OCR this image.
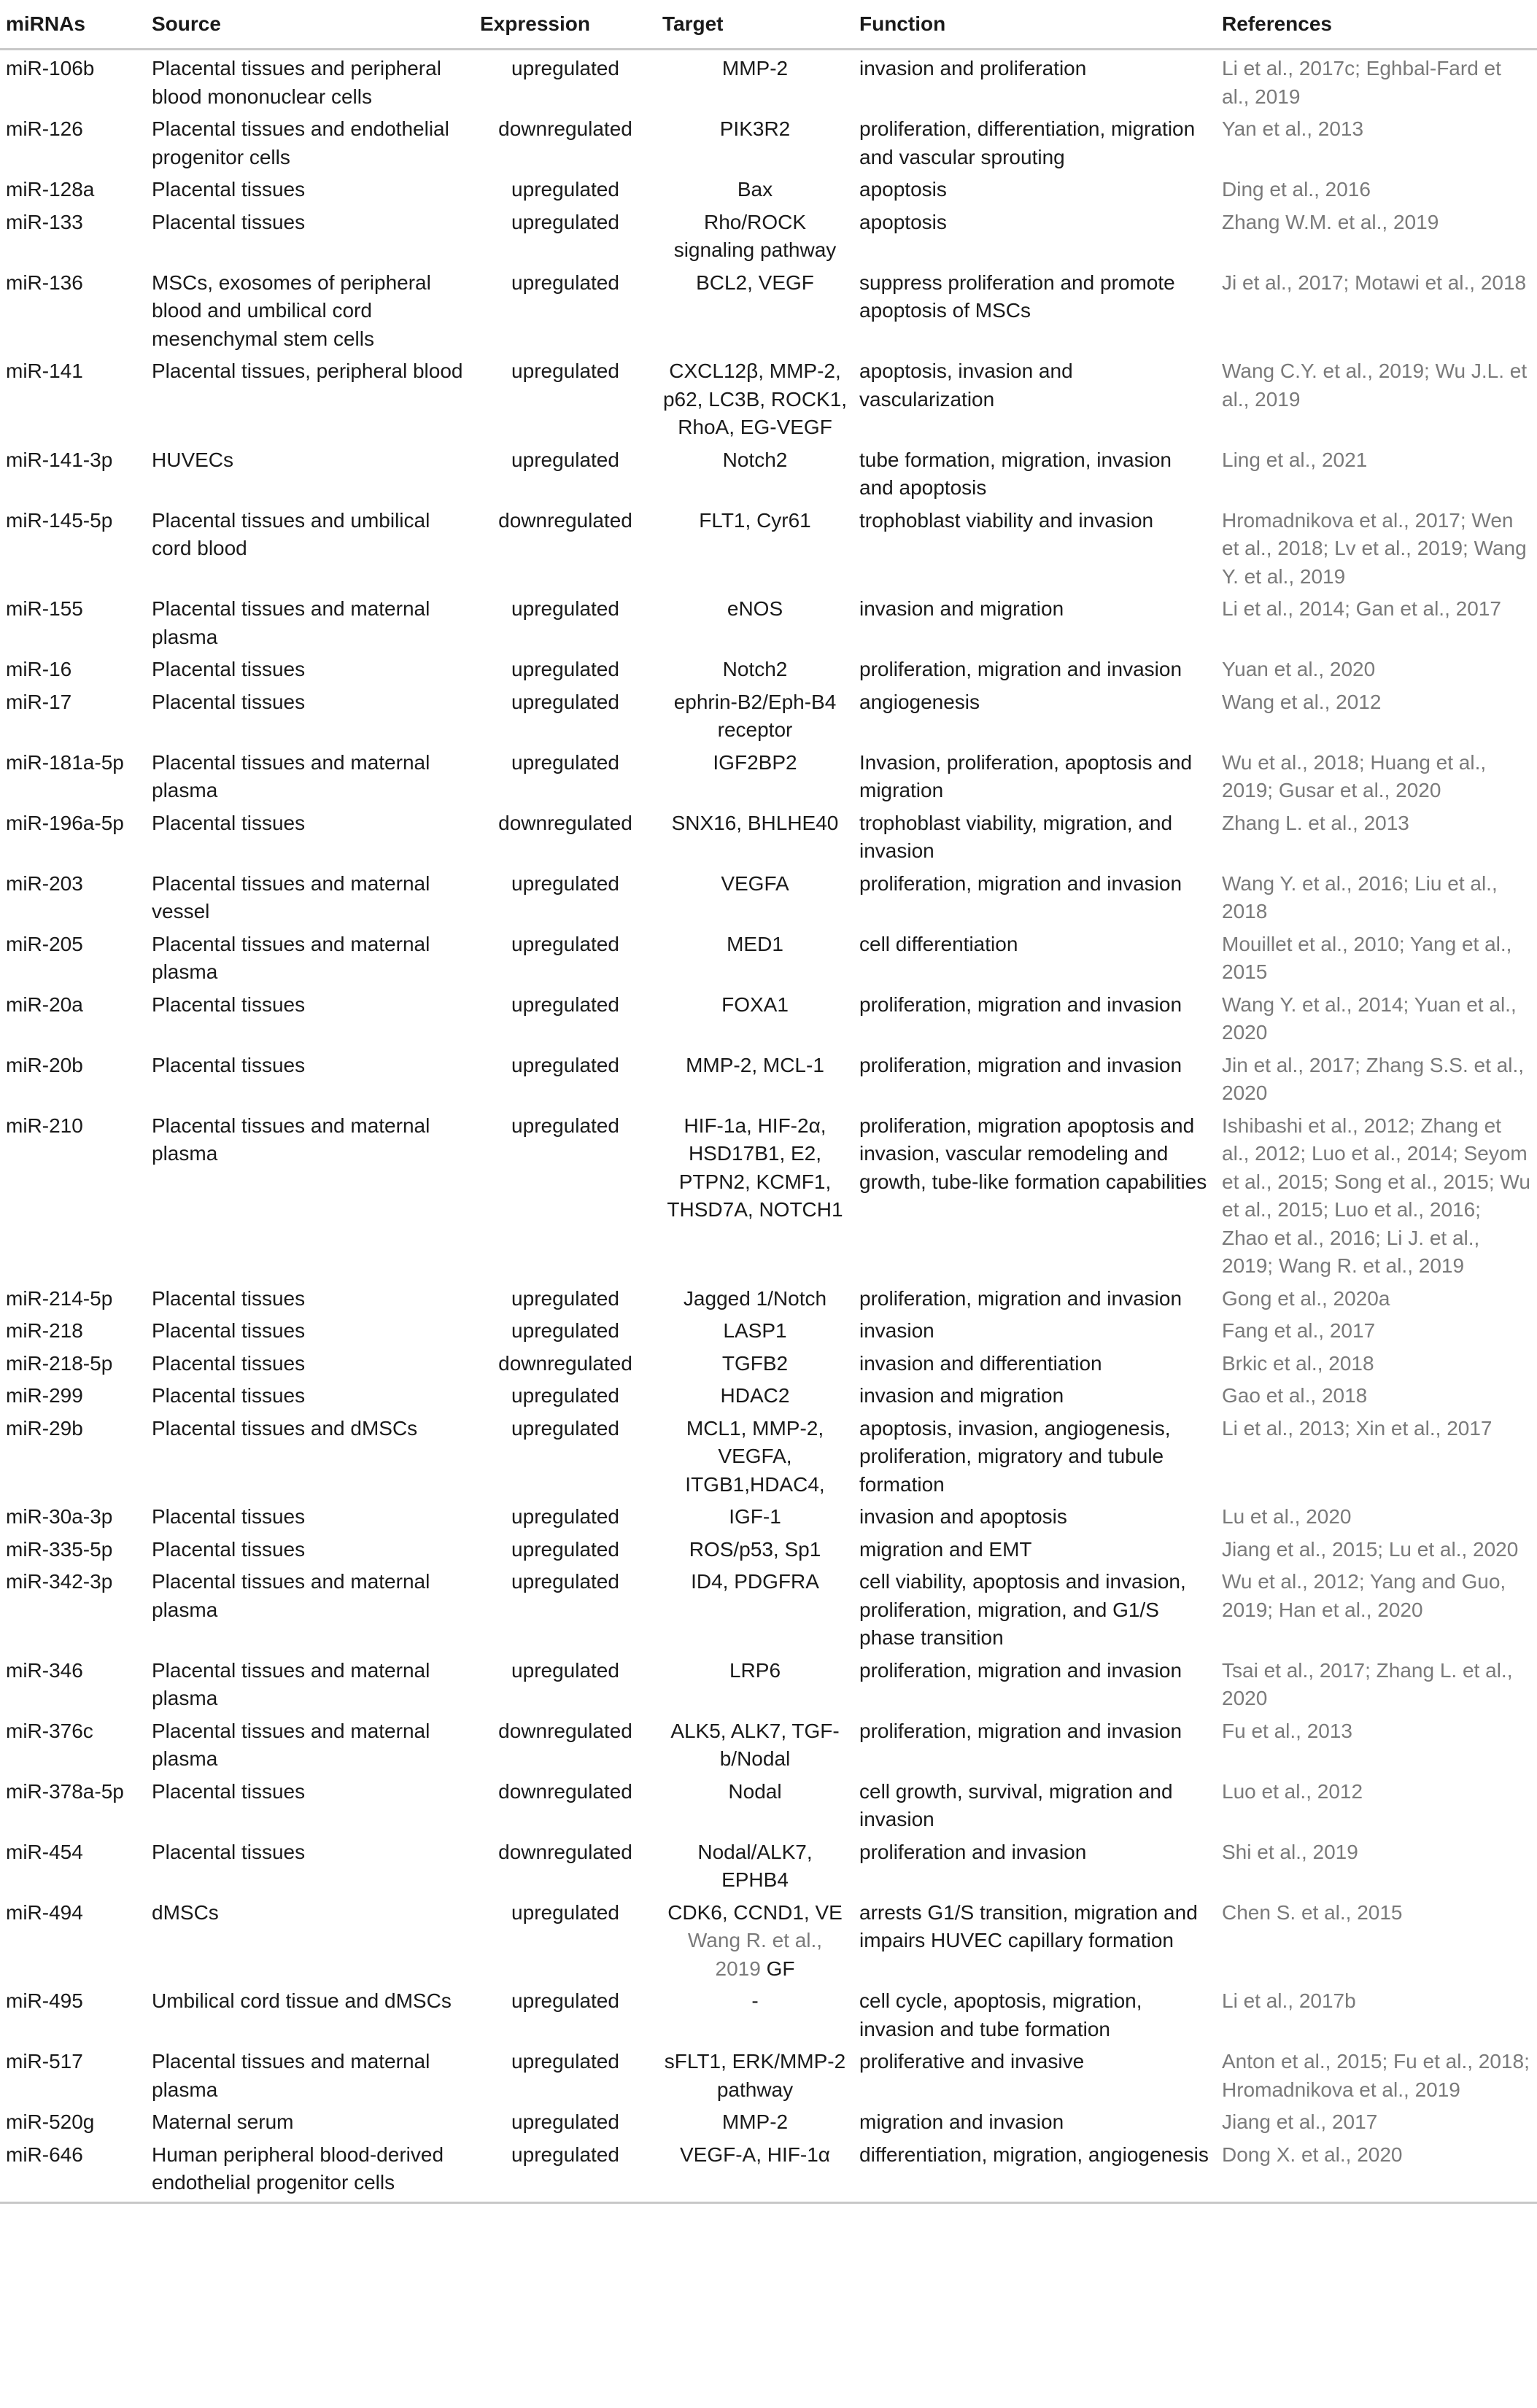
miRNAs	Source	Expression	Target	Function	References
miR-106b	Placental tissues and peripheral blood mononuclear cells	upregulated	MMP-2	invasion and proliferation	Li et al., 2017c; Eghbal-Fard et al., 2019
miR-126	Placental tissues and endothelial progenitor cells	downregulated	PIK3R2	proliferation, differentiation, migration and vascular sprouting	Yan et al., 2013
miR-128a	Placental tissues	upregulated	Bax	apoptosis	Ding et al., 2016
miR-133	Placental tissues	upregulated	Rho/ROCK signaling pathway	apoptosis	Zhang W.M. et al., 2019
miR-136	MSCs, exosomes of peripheral blood and umbilical cord mesenchymal stem cells	upregulated	BCL2, VEGF	suppress proliferation and promote apoptosis of MSCs	Ji et al., 2017; Motawi et al., 2018
miR-141	Placental tissues, peripheral blood	upregulated	CXCL12β, MMP-2, p62, LC3B, ROCK1, RhoA, EG-VEGF	apoptosis, invasion and vascularization	Wang C.Y. et al., 2019; Wu J.L. et al., 2019
miR-141-3p	HUVECs	upregulated	Notch2	tube formation, migration, invasion and apoptosis	Ling et al., 2021
miR-145-5p	Placental tissues and umbilical cord blood	downregulated	FLT1, Cyr61	trophoblast viability and invasion	Hromadnikova et al., 2017; Wen et al., 2018; Lv et al., 2019; Wang Y. et al., 2019
miR-155	Placental tissues and maternal plasma	upregulated	eNOS	invasion and migration	Li et al., 2014; Gan et al., 2017
miR-16	Placental tissues	upregulated	Notch2	proliferation, migration and invasion	Yuan et al., 2020
miR-17	Placental tissues	upregulated	ephrin-B2/Eph-B4 receptor	angiogenesis	Wang et al., 2012
miR-181a-5p	Placental tissues and maternal plasma	upregulated	IGF2BP2	Invasion, proliferation, apoptosis and migration	Wu et al., 2018; Huang et al., 2019; Gusar et al., 2020
miR-196a-5p	Placental tissues	downregulated	SNX16, BHLHE40	trophoblast viability, migration, and invasion	Zhang L. et al., 2013
miR-203	Placental tissues and maternal vessel	upregulated	VEGFA	proliferation, migration and invasion	Wang Y. et al., 2016; Liu et al., 2018
miR-205	Placental tissues and maternal plasma	upregulated	MED1	cell differentiation	Mouillet et al., 2010; Yang et al., 2015
miR-20a	Placental tissues	upregulated	FOXA1	proliferation, migration and invasion	Wang Y. et al., 2014; Yuan et al., 2020
miR-20b	Placental tissues	upregulated	MMP-2, MCL-1	proliferation, migration and invasion	Jin et al., 2017; Zhang S.S. et al., 2020
miR-210	Placental tissues and maternal plasma	upregulated	HIF-1a, HIF-2α, HSD17B1, E2, PTPN2, KCMF1, THSD7A, NOTCH1	proliferation, migration apoptosis and invasion, vascular remodeling and growth, tube-like formation capabilities	Ishibashi et al., 2012; Zhang et al., 2012; Luo et al., 2014; Seyom et al., 2015; Song et al., 2015; Wu et al., 2015; Luo et al., 2016; Zhao et al., 2016; Li J. et al., 2019; Wang R. et al., 2019
miR-214-5p	Placental tissues	upregulated	Jagged 1/Notch	proliferation, migration and invasion	Gong et al., 2020a
miR-218	Placental tissues	upregulated	LASP1	invasion	Fang et al., 2017
miR-218-5p	Placental tissues	downregulated	TGFB2	invasion and differentiation	Brkic et al., 2018
miR-299	Placental tissues	upregulated	HDAC2	invasion and migration	Gao et al., 2018
miR-29b	Placental tissues and dMSCs	upregulated	MCL1, MMP-2, VEGFA, ITGB1,HDAC4,	apoptosis, invasion, angiogenesis, proliferation, migratory and tubule formation	Li et al., 2013; Xin et al., 2017
miR-30a-3p	Placental tissues	upregulated	IGF-1	invasion and apoptosis	Lu et al., 2020
miR-335-5p	Placental tissues	upregulated	ROS/p53, Sp1	migration and EMT	Jiang et al., 2015; Lu et al., 2020
miR-342-3p	Placental tissues and maternal plasma	upregulated	ID4, PDGFRA	cell viability, apoptosis and invasion, proliferation, migration, and G1/S phase transition	Wu et al., 2012; Yang and Guo, 2019; Han et al., 2020
miR-346	Placental tissues and maternal plasma	upregulated	LRP6	proliferation, migration and invasion	Tsai et al., 2017; Zhang L. et al., 2020
miR-376c	Placental tissues and maternal plasma	downregulated	ALK5, ALK7, TGF-b/Nodal	proliferation, migration and invasion	Fu et al., 2013
miR-378a-5p	Placental tissues	downregulated	Nodal	cell growth, survival, migration and invasion	Luo et al., 2012
miR-454	Placental tissues	downregulated	Nodal/ALK7, EPHB4	proliferation and invasion	Shi et al., 2019
miR-494	dMSCs	upregulated	CDK6, CCND1, VE Wang R. et al., 2019 GF	arrests G1/S transition, migration and impairs HUVEC capillary formation	Chen S. et al., 2015
miR-495	Umbilical cord tissue and dMSCs	upregulated	-	cell cycle, apoptosis, migration, invasion and tube formation	Li et al., 2017b
miR-517	Placental tissues and maternal plasma	upregulated	sFLT1, ERK/MMP-2 pathway	proliferative and invasive	Anton et al., 2015; Fu et al., 2018; Hromadnikova et al., 2019
miR-520g	Maternal serum	upregulated	MMP-2	migration and invasion	Jiang et al., 2017
miR-646	Human peripheral blood-derived endothelial progenitor cells	upregulated	VEGF-A, HIF-1α	differentiation, migration, angiogenesis	Dong X. et al., 2020
